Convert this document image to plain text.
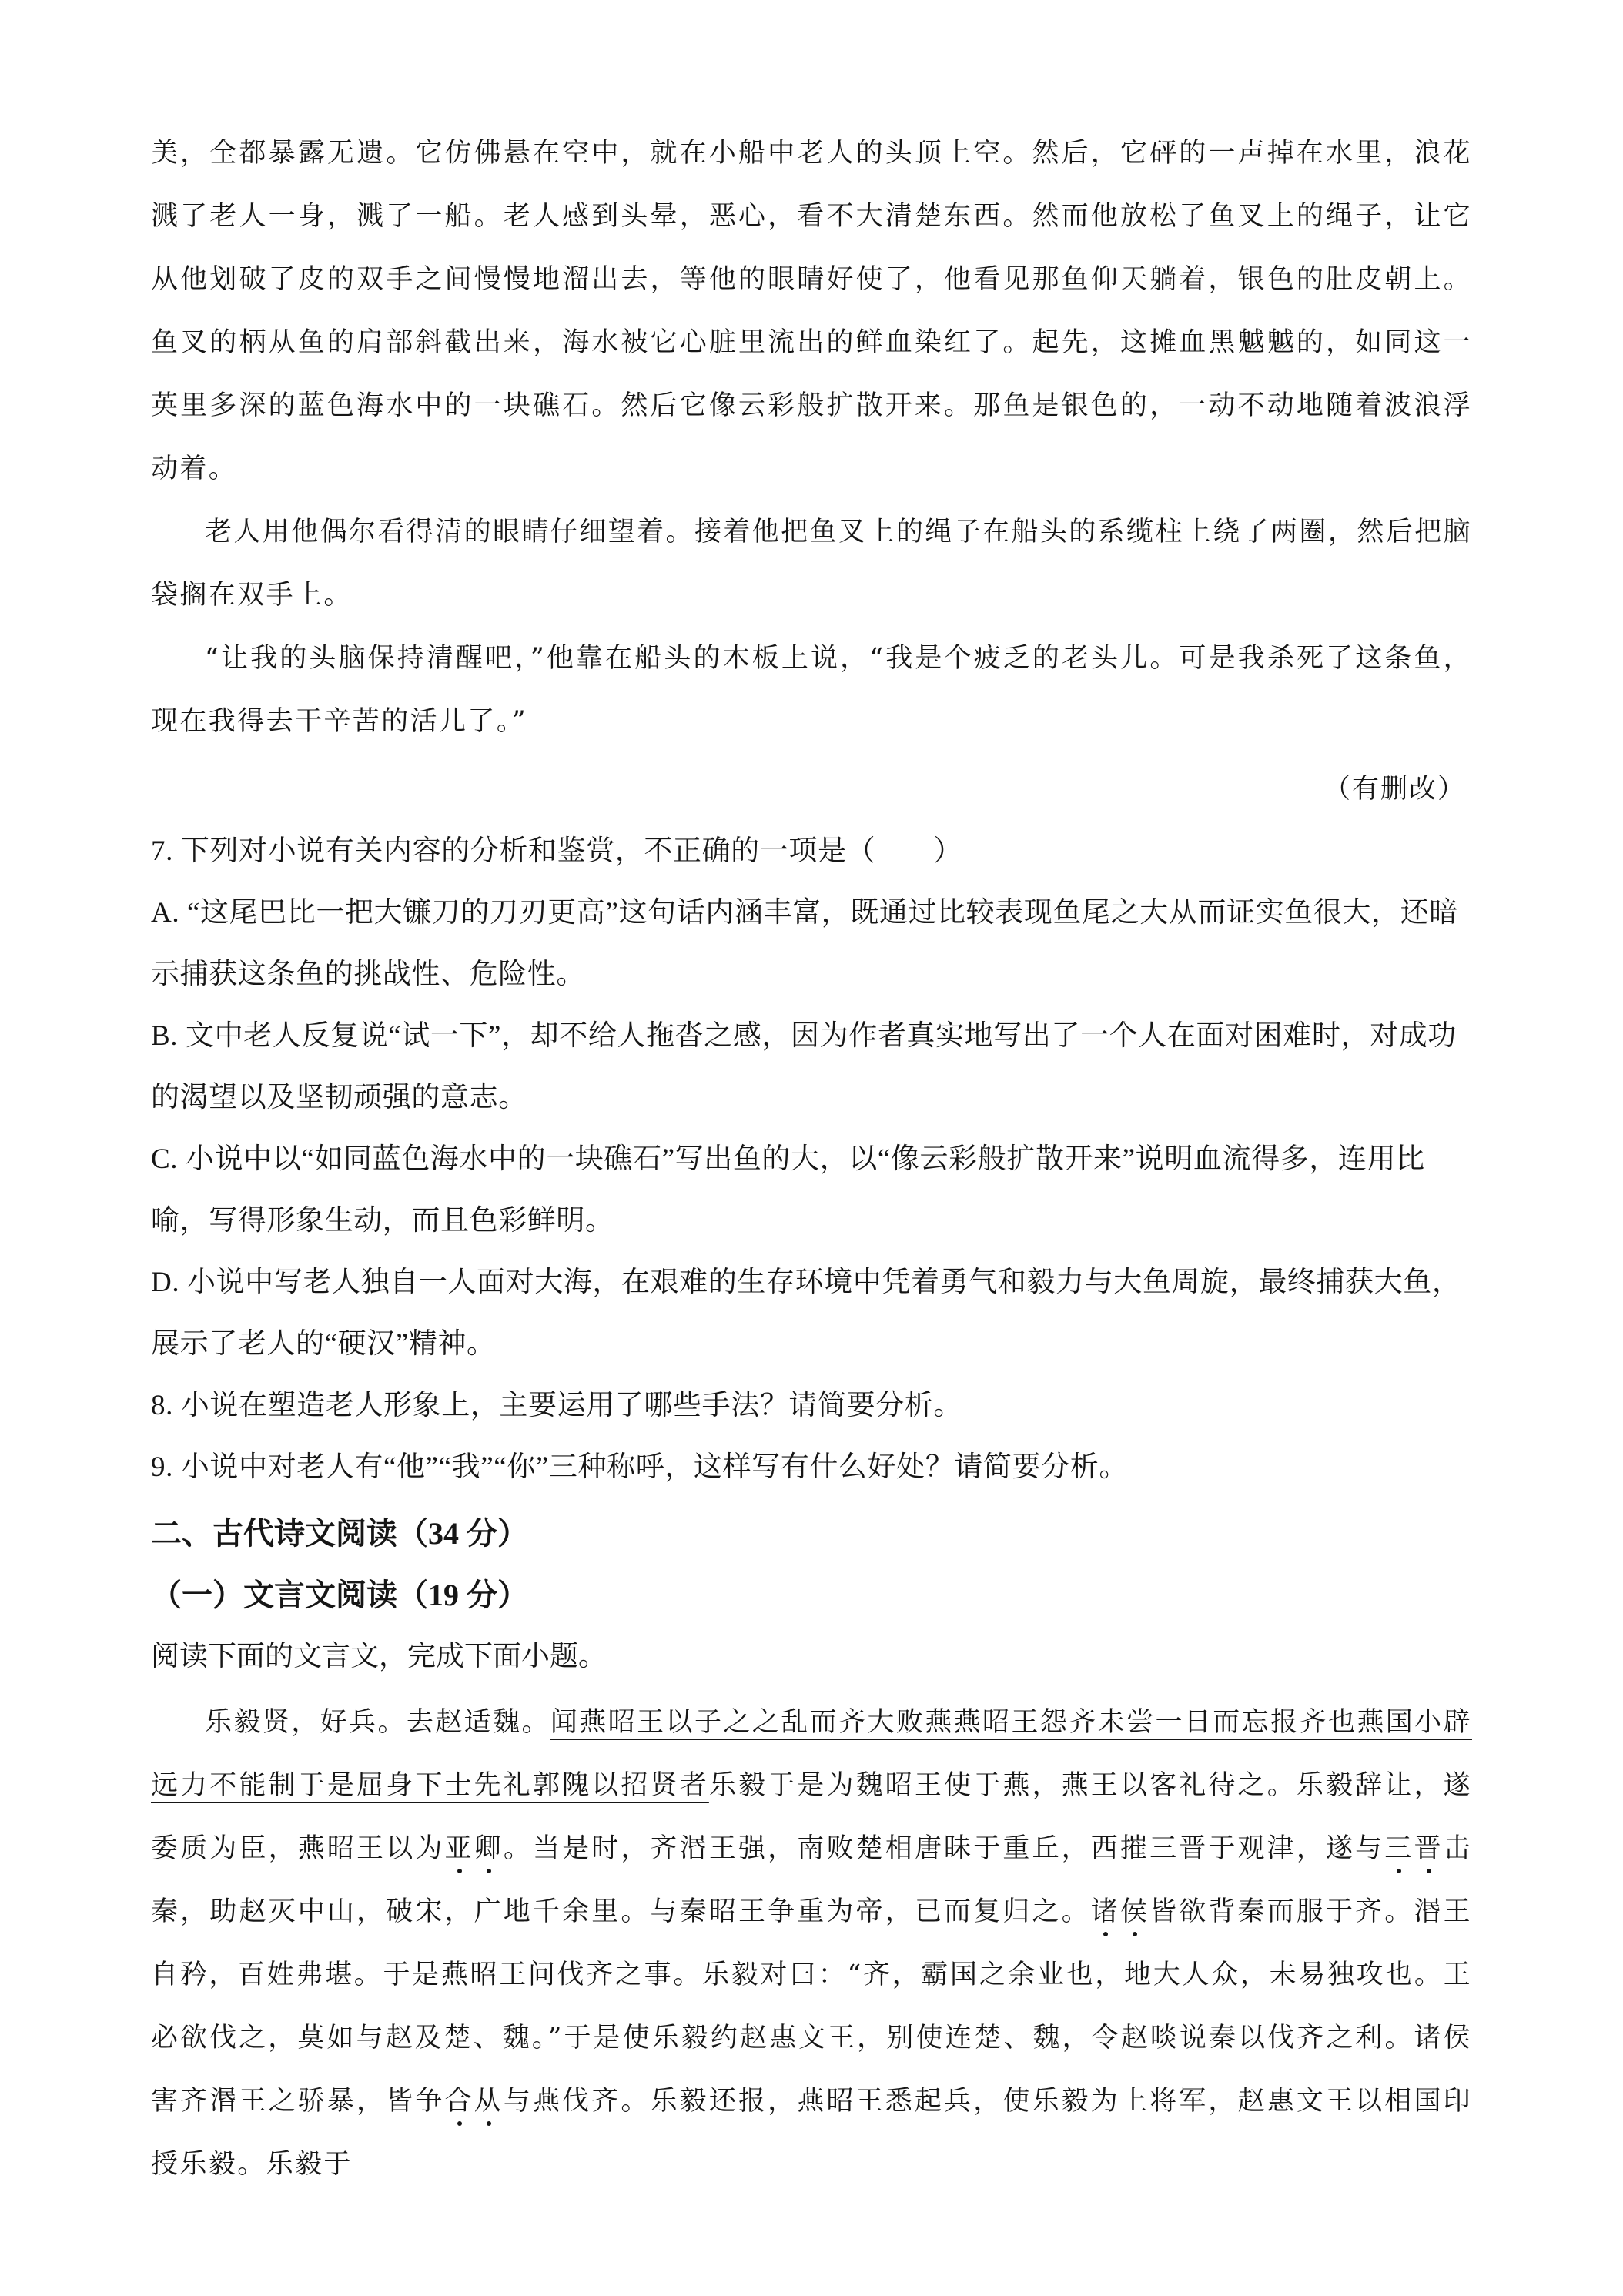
美，全都暴露无遗。它仿佛悬在空中，就在小船中老人的头顶上空。然后，它砰的一声掉在水里，浪花溅了老人一身，溅了一船。老人感到头晕，恶心，看不大清楚东西。然而他放松了鱼叉上的绳子，让它从他划破了皮的双手之间慢慢地溜出去，等他的眼睛好使了，他看见那鱼仰天躺着，银色的肚皮朝上。鱼叉的柄从鱼的肩部斜截出来，海水被它心脏里流出的鲜血染红了。起先，这摊血黑魆魆的，如同这一英里多深的蓝色海水中的一块礁石。然后它像云彩般扩散开来。那鱼是银色的，一动不动地随着波浪浮动着。

老人用他偶尔看得清的眼睛仔细望着。接着他把鱼叉上的绳子在船头的系缆柱上绕了两圈，然后把脑袋搁在双手上。

“让我的头脑保持清醒吧，”他靠在船头的木板上说，“我是个疲乏的老头儿。可是我杀死了这条鱼，现在我得去干辛苦的活儿了。”

（有删改）

7. 下列对小说有关内容的分析和鉴赏，不正确的一项是（　　）

A. “这尾巴比一把大镰刀的刀刃更高”这句话内涵丰富，既通过比较表现鱼尾之大从而证实鱼很大，还暗示捕获这条鱼的挑战性、危险性。

B. 文中老人反复说“试一下”，却不给人拖沓之感，因为作者真实地写出了一个人在面对困难时，对成功的渴望以及坚韧顽强的意志。

C. 小说中以“如同蓝色海水中的一块礁石”写出鱼的大，以“像云彩般扩散开来”说明血流得多，连用比喻，写得形象生动，而且色彩鲜明。

D. 小说中写老人独自一人面对大海，在艰难的生存环境中凭着勇气和毅力与大鱼周旋，最终捕获大鱼，展示了老人的“硬汉”精神。

8. 小说在塑造老人形象上，主要运用了哪些手法？请简要分析。

9. 小说中对老人有“他”“我”“你”三种称呼，这样写有什么好处？请简要分析。

二、古代诗文阅读（34 分）

（一）文言文阅读（19 分）

阅读下面的文言文，完成下面小题。

乐毅贤，好兵。去赵适魏。闻燕昭王以子之之乱而齐大败燕燕昭王怨齐未尝一日而忘报齐也燕国小辟远力不能制于是屈身下士先礼郭隗以招贤者乐毅于是为魏昭王使于燕，燕王以客礼待之。乐毅辞让，遂委质为臣，燕昭王以为亚卿。当是时，齐湣王强，南败楚相唐眛于重丘，西摧三晋于观津，遂与三晋击秦，助赵灭中山，破宋，广地千余里。与秦昭王争重为帝，已而复归之。诸侯皆欲背秦而服于齐。湣王自矜，百姓弗堪。于是燕昭王问伐齐之事。乐毅对曰：“齐，霸国之余业也，地大人众，未易独攻也。王必欲伐之，莫如与赵及楚、魏。”于是使乐毅约赵惠文王，别使连楚、魏，令赵啖说秦以伐齐之利。诸侯害齐湣王之骄暴，皆争合从与燕伐齐。乐毅还报，燕昭王悉起兵，使乐毅为上将军，赵惠文王以相国印授乐毅。乐毅于
